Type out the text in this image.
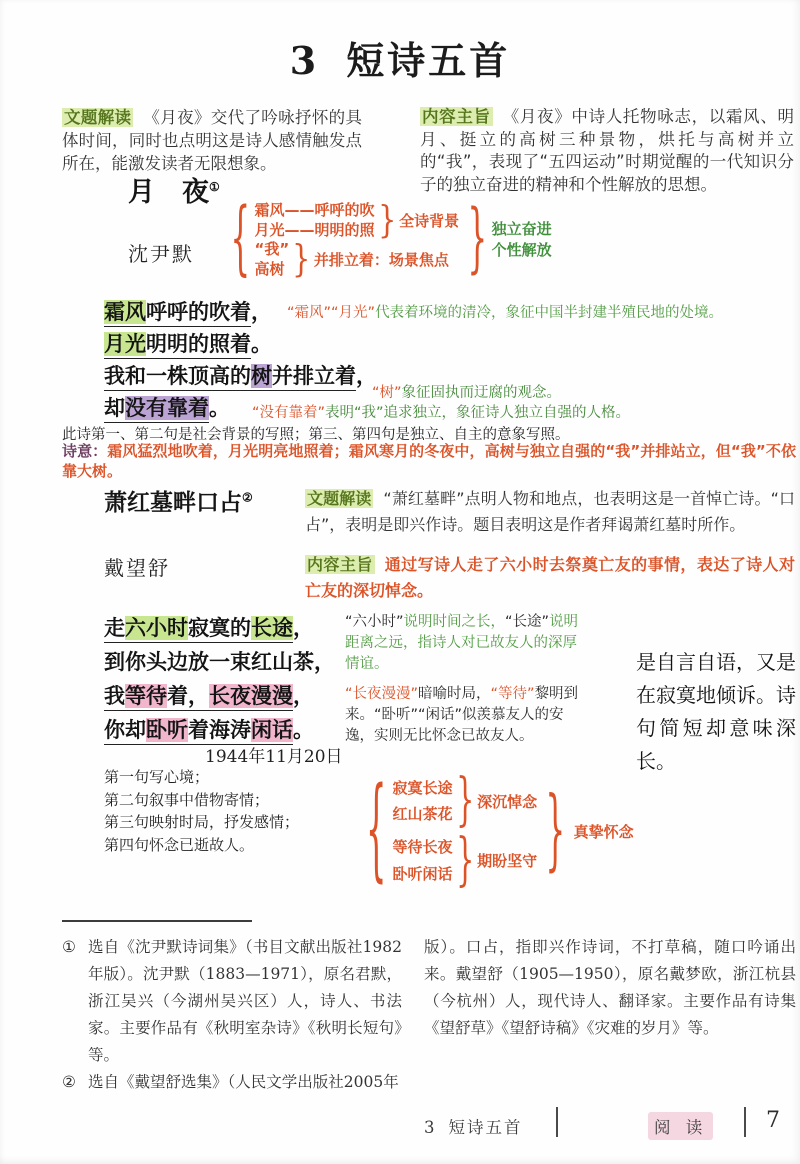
3 短诗五首
文题解读 《月夜》交代了吟咏抒怀的具体时间，同时也点明这是诗人感情触发点所在，能激发读者无限想象。
内容主旨 《月夜》中诗人托物咏志，以霜风、明月、挺立的高树三种景物，烘托与高树并立的“我”，表现了“五四运动”时期觉醒的一代知识分子的独立奋进的精神和个性解放的思想。
月　夜①
沈尹默 { 霜风——呼呼的吹
月光——明明的照 } 全诗背景
“我”
高树 } 并排立着：场景焦点 } 独立奋进
个性解放
霜风呼呼的吹着，
月光明明的照着。
我和一株顶高的树并排立着，
却没有靠着。
“霜风”“月光”代表着环境的清冷，象征中国半封建半殖民地的处境。
“树”象征固执而迂腐的观念。
“没有靠着”表明“我”追求独立，象征诗人独立自强的人格。
此诗第一、第二句是社会背景的写照；第三、第四句是独立、自主的意象写照。
诗意：霜风猛烈地吹着，月光明亮地照着；霜风寒月的冬夜中，高树与独立自强的“我”并排站立，但“我”不依靠大树。
萧红墓畔口占②	文题解读 “萧红墓畔”点明人物和地点，也表明这是一首悼亡诗。“口占”，表明是即兴作诗。题目表明这是作者拜谒萧红墓时所作。
戴望舒	内容主旨 通过写诗人走了六小时去祭奠亡友的事情，表达了诗人对亡友的深切悼念。
走六小时寂寞的长途，
到你头边放一束红山茶，
我等待着，长夜漫漫，
你却卧听着海涛闲话。
“六小时”说明时间之长，“长途”说明距离之远，指诗人对已故友人的深厚情谊。
“长夜漫漫”暗喻时局，“等待”黎明到来。“卧听”“闲话”似羡慕友人的安逸，实则无比怀念已故友人。
是自言自语，又是在寂寞地倾诉。诗句简短却意味深长。
1944年11月20日
第一句写心境；
第二句叙事中借物寄情；
第三句映射时局，抒发感情；
第四句怀念已逝故人。	{ 寂寞长途
红山茶花 } 深沉悼念
等待长夜
卧听闲话 } 期盼坚守 } 真挚怀念
① 选自《沈尹默诗词集》（书目文献出版社1982年版）。沈尹默（1883—1971），原名君默，浙江吴兴（今湖州吴兴区）人，诗人、书法家。主要作品有《秋明室杂诗》《秋明长短句》等。
② 选自《戴望舒选集》（人民文学出版社2005年
版）。口占，指即兴作诗词，不打草稿，随口吟诵出来。戴望舒（1905—1950），原名戴梦欧，浙江杭县（今杭州）人，现代诗人、翻译家。主要作品有诗集《望舒草》《望舒诗稿》《灾难的岁月》等。
3 短诗五首	阅 读	7
